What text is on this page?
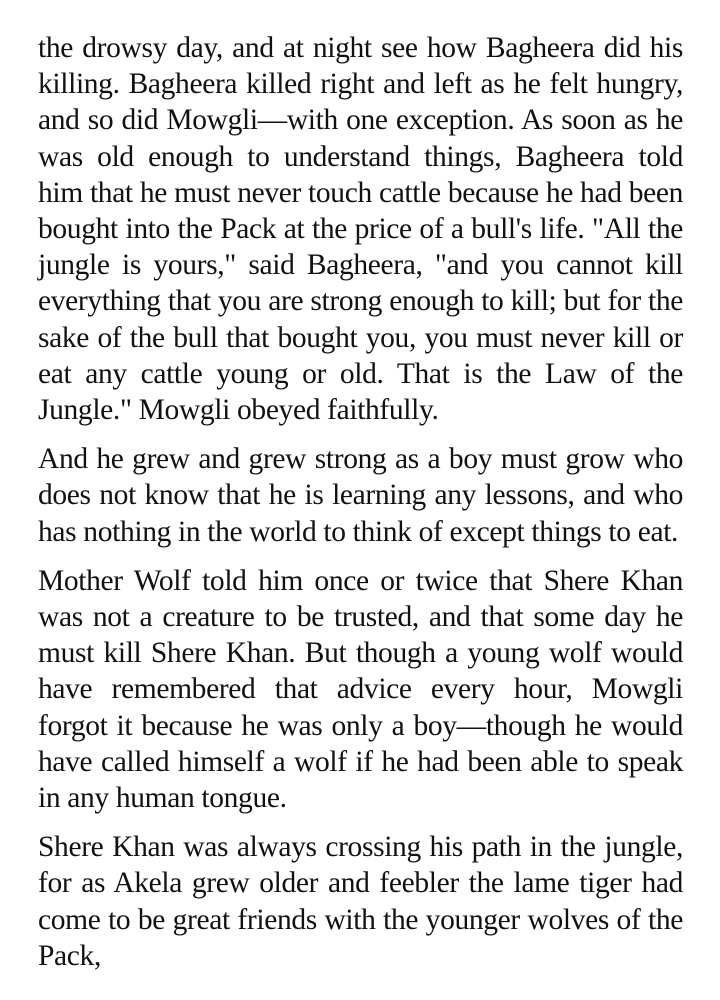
the drowsy day, and at night see how Bagheera did his killing. Bagheera killed right and left as he felt hungry, and so did Mowgli—with one exception. As soon as he was old enough to understand things, Bagheera told him that he must never touch cattle because he had been bought into the Pack at the price of a bull's life. "All the jungle is yours," said Bagheera, "and you cannot kill everything that you are strong enough to kill; but for the sake of the bull that bought you, you must never kill or eat any cattle young or old. That is the Law of the Jungle." Mowgli obeyed faithfully.

And he grew and grew strong as a boy must grow who does not know that he is learning any lessons, and who has nothing in the world to think of except things to eat.

Mother Wolf told him once or twice that Shere Khan was not a creature to be trusted, and that some day he must kill Shere Khan. But though a young wolf would have remembered that advice every hour, Mowgli forgot it because he was only a boy—though he would have called himself a wolf if he had been able to speak in any human tongue.

Shere Khan was always crossing his path in the jungle, for as Akela grew older and feebler the lame tiger had come to be great friends with the younger wolves of the Pack,
